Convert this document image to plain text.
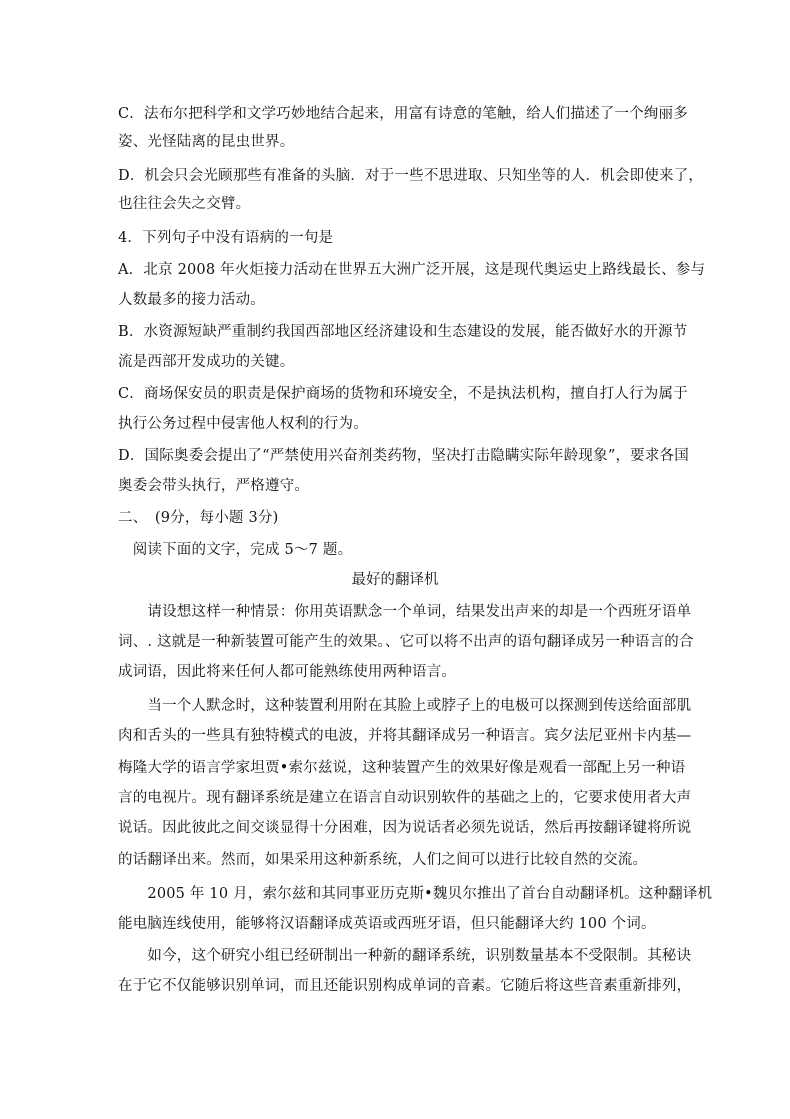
C．法布尔把科学和文学巧妙地结合起来，用富有诗意的笔触，给人们描述了一个绚丽多
姿、光怪陆离的昆虫世界。
D．机会只会光顾那些有准备的头脑．对于一些不思进取、只知坐等的人．机会即使来了，
也往往会失之交臂。
4．下列句子中没有语病的一句是
A．北京 2008 年火炬接力活动在世界五大洲广泛开展，这是现代奥运史上路线最长、参与
人数最多的接力活动。
B．水资源短缺严重制约我国西部地区经济建设和生态建设的发展，能否做好水的开源节
流是西部开发成功的关键。
C．商场保安员的职责是保护商场的货物和环境安全，不是执法机构，擅自打人行为属于
执行公务过程中侵害他人权利的行为。
D．国际奥委会提出了“严禁使用兴奋剂类药物，坚决打击隐瞒实际年龄现象”，要求各国
奥委会带头执行，严格遵守。
二、　(9分，每小题 3分)
　阅读下面的文字，完成 5～7 题。
最好的翻译机
　　请设想这样一种情景：你用英语默念一个单词，结果发出声来的却是一个西班牙语单
词、. 这就是一种新装置可能产生的效果。、它可以将不出声的语句翻译成另一种语言的合
成词语，因此将来任何人都可能熟练使用两种语言。
　　当一个人默念时，这种装置利用附在其脸上或脖子上的电极可以探测到传送给面部肌
肉和舌头的一些具有独特模式的电波，并将其翻译成另一种语言。宾夕法尼亚州卡内基—
梅隆大学的语言学家坦贾•索尔兹说，这种装置产生的效果好像是观看一部配上另一种语
言的电视片。现有翻译系统是建立在语言自动识别软件的基础之上的，它要求使用者大声
说话。因此彼此之间交谈显得十分困难，因为说话者必须先说话，然后再按翻译键将所说
的话翻译出来。然而，如果采用这种新系统，人们之间可以进行比较自然的交流。
　　2005 年 10 月，索尔兹和其同事亚历克斯•魏贝尔推出了首台自动翻译机。这种翻译机
能电脑连线使用，能够将汉语翻译成英语或西班牙语，但只能翻译大约 100 个词。
　　如今，这个研究小组已经研制出一种新的翻译系统，识别数量基本不受限制。其秘诀
在于它不仅能够识别单词，而且还能识别构成单词的音素。它随后将这些音素重新排列，
